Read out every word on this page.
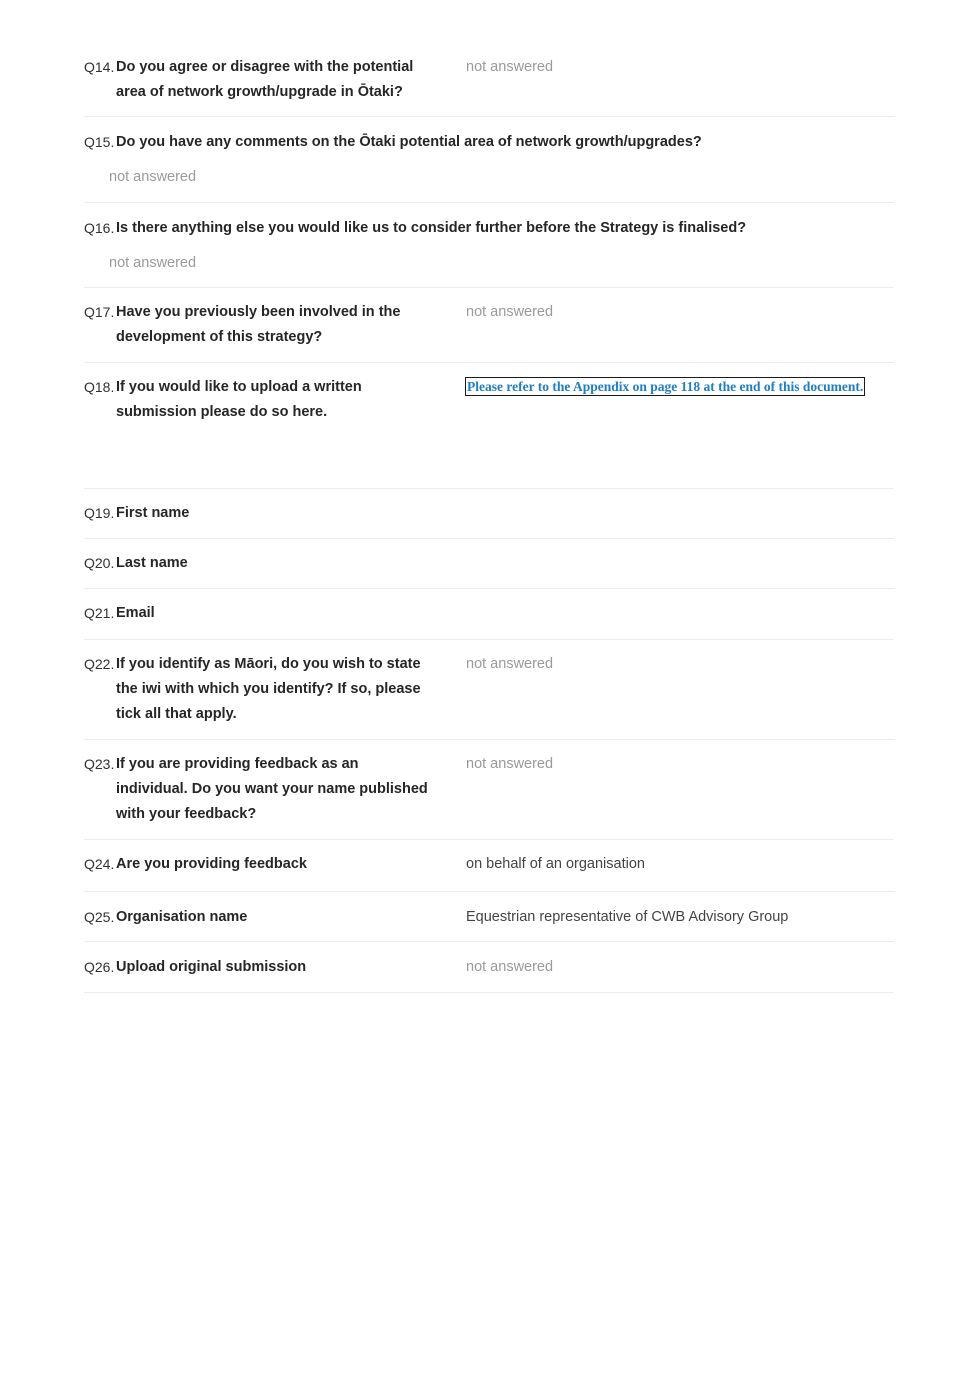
Q14. Do you agree or disagree with the potential area of network growth/upgrade in Ōtaki?
not answered
Q15. Do you have any comments on the Ōtaki potential area of network growth/upgrades?
not answered
Q16. Is there anything else you would like us to consider further before the Strategy is finalised?
not answered
Q17. Have you previously been involved in the development of this strategy?
not answered
Q18. If you would like to upload a written submission please do so here.
Please refer to the Appendix on page 118 at the end of this document.
Q19. First name
Q20. Last name
Q21. Email
Q22. If you identify as Māori, do you wish to state the iwi with which you identify? If so, please tick all that apply.
not answered
Q23. If you are providing feedback as an individual. Do you want your name published with your feedback?
not answered
Q24. Are you providing feedback	on behalf of an organisation
Q25. Organisation name	Equestrian representative of CWB Advisory Group
Q26. Upload original submission	not answered
